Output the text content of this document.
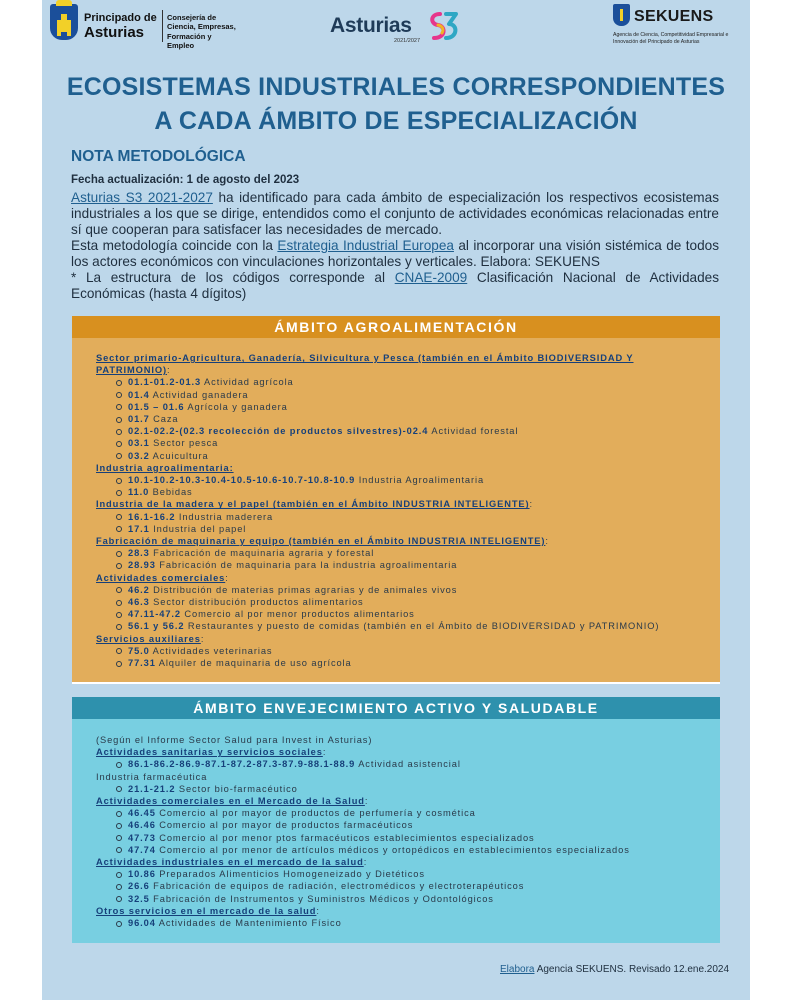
Principado de
Asturias
Consejería de
Ciencia, Empresas,
Formación y Empleo
Asturias
2021/2027
SEKUENS
Agencia de Ciencia, Competitividad Empresarial e Innovación del Principado de Asturias
ECOSISTEMAS INDUSTRIALES CORRESPONDIENTES
A CADA ÁMBITO DE ESPECIALIZACIÓN
NOTA METODOLÓGICA
Fecha actualización: 1 de agosto del 2023

Asturias S3 2021-2027 ha identificado para cada ámbito de especialización los respectivos ecosistemas industriales a los que se dirige, entendidos como el conjunto de actividades económicas relacionadas entre sí que cooperan para satisfacer las necesidades de mercado.

Esta metodología coincide con la Estrategia Industrial Europea al incorporar una visión sistémica de todos los actores económicos con vinculaciones horizontales y verticales. Elabora: SEKUENS

* La estructura de los códigos corresponde al CNAE-2009 Clasificación Nacional de Actividades Económicas (hasta 4 dígitos)

ÁMBITO AGROALIMENTACIÓN
Sector primario-Agricultura, Ganadería, Silvicultura y Pesca (también en el Ámbito BIODIVERSIDAD Y PATRIMONIO):
01.1-01.2-01.3 Actividad agrícola
01.4 Actividad ganadera
01.5 – 01.6 Agrícola y ganadera
01.7 Caza
02.1-02.2-(02.3 recolección de productos silvestres)-02.4 Actividad forestal
03.1 Sector pesca
03.2 Acuicultura
Industria agroalimentaria:
10.1-10.2-10.3-10.4-10.5-10.6-10.7-10.8-10.9 Industria Agroalimentaria
11.0 Bebidas
Industria de la madera y el papel (también en el Ámbito INDUSTRIA INTELIGENTE):
16.1-16.2 Industria maderera
17.1 Industria del papel
Fabricación de maquinaria y equipo (también en el Ámbito INDUSTRIA INTELIGENTE):
28.3 Fabricación de maquinaria agraria y forestal
28.93 Fabricación de maquinaria para la industria agroalimentaria
Actividades comerciales:
46.2 Distribución de materias primas agrarias y de animales vivos
46.3 Sector distribución productos alimentarios
47.11-47.2 Comercio al por menor productos alimentarios
56.1 y 56.2 Restaurantes y puesto de comidas (también en el Ámbito de BIODIVERSIDAD y PATRIMONIO)
Servicios auxiliares:
75.0 Actividades veterinarias
77.31 Alquiler de maquinaria de uso agrícola
ÁMBITO ENVEJECIMIENTO ACTIVO Y SALUDABLE
(Según el Informe Sector Salud para Invest in Asturias)
Actividades sanitarias y servicios sociales:
86.1-86.2-86.9-87.1-87.2-87.3-87.9-88.1-88.9 Actividad asistencial
Industria farmacéutica
21.1-21.2 Sector bio-farmacéutico
Actividades comerciales en el Mercado de la Salud:
46.45 Comercio al por mayor de productos de perfumería y cosmética
46.46 Comercio al por mayor de productos farmacéuticos
47.73 Comercio al por menor ptos farmacéuticos establecimientos especializados
47.74 Comercio al por menor de artículos médicos y ortopédicos en establecimientos especializados
Actividades industriales en el mercado de la salud:
10.86 Preparados Alimenticios Homogeneizado y Dietéticos
26.6 Fabricación de equipos de radiación, electromédicos y electroterapéuticos
32.5 Fabricación de Instrumentos y Suministros Médicos y Odontológicos
Otros servicios en el mercado de la salud:
96.04 Actividades de Mantenimiento Físico
Elabora Agencia SEKUENS. Revisado 12.ene.2024
